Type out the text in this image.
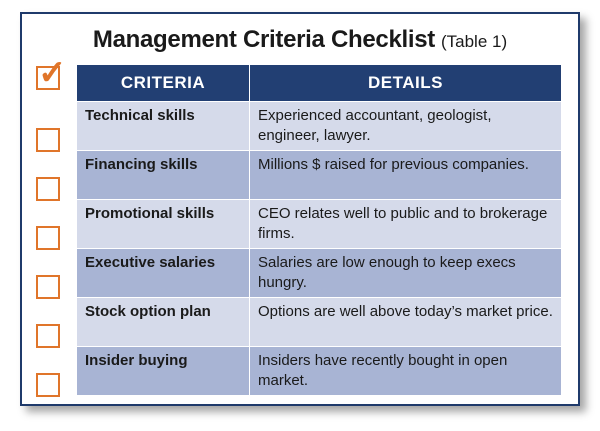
Management Criteria Checklist (Table 1)
✓	CRITERIA	DETAILS
Technical skills	Experienced accountant, geologist, engineer, lawyer.
Financing skills	Millions $ raised for previous companies.
Promotional skills	CEO relates well to public and to brokerage firms.
Executive salaries	Salaries are low enough to keep execs hungry.
Stock option plan	Options are well above today’s market price.
Insider buying	Insiders have recently bought in open market.
